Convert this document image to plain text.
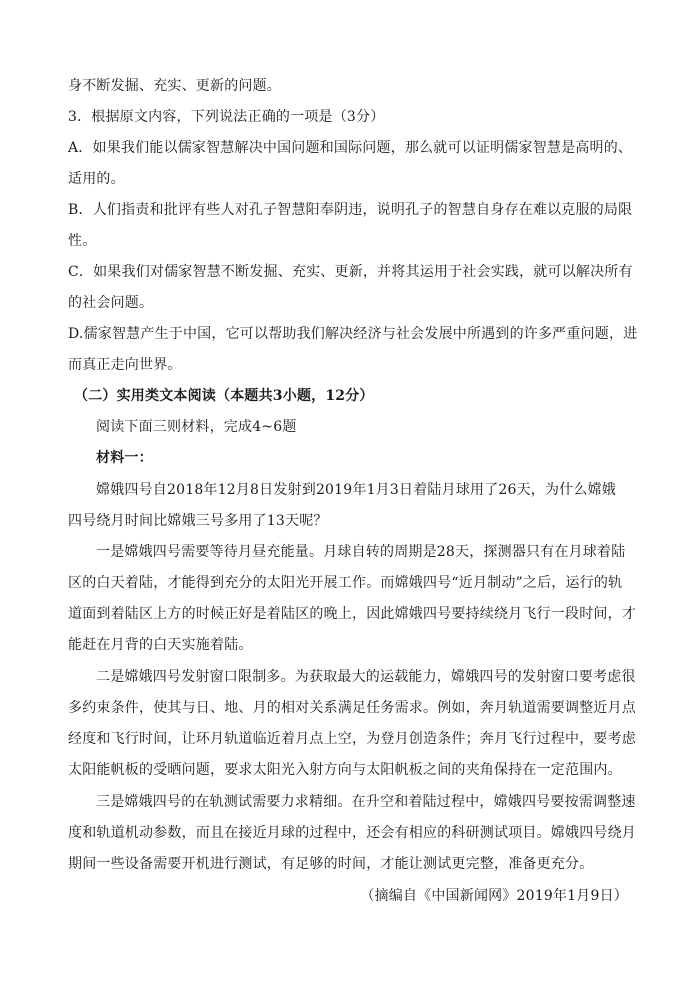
身不断发掘、充实、更新的问题。
3．根据原文内容，下列说法正确的一项是（3分）
A．如果我们能以儒家智慧解决中国问题和国际问题，那么就可以证明儒家智慧是高明的、
适用的。
B．人们指责和批评有些人对孔子智慧阳奉阴违，说明孔子的智慧自身存在难以克服的局限
性。
C．如果我们对儒家智慧不断发掘、充实、更新，并将其运用于社会实践，就可以解决所有
的社会问题。
D.儒家智慧产生于中国，它可以帮助我们解决经济与社会发展中所遇到的许多严重问题，进
而真正走向世界。
（二）实用类文本阅读（本题共3小题，12分）
阅读下面三则材料，完成4~6题
材料一：
嫦娥四号自2018年12月8日发射到2019年1月3日着陆月球用了26天，为什么嫦娥
四号绕月时间比嫦娥三号多用了13天呢？
一是嫦娥四号需要等待月昼充能量。月球自转的周期是28天，探测器只有在月球着陆
区的白天着陆，才能得到充分的太阳光开展工作。而嫦娥四号“近月制动”之后，运行的轨
道面到着陆区上方的时候正好是着陆区的晚上，因此嫦娥四号要持续绕月飞行一段时间，才
能赶在月背的白天实施着陆。
二是嫦娥四号发射窗口限制多。为获取最大的运载能力，嫦娥四号的发射窗口要考虑很
多约束条件，使其与日、地、月的相对关系满足任务需求。例如，奔月轨道需要调整近月点
经度和飞行时间，让环月轨道临近着月点上空，为登月创造条件；奔月飞行过程中，要考虑
太阳能帆板的受晒问题，要求太阳光入射方向与太阳帆板之间的夹角保持在一定范围内。
三是嫦娥四号的在轨测试需要力求精细。在升空和着陆过程中，嫦娥四号要按需调整速
度和轨道机动参数，而且在接近月球的过程中，还会有相应的科研测试项目。嫦娥四号绕月
期间一些设备需要开机进行测试，有足够的时间，才能让测试更完整，准备更充分。
（摘编自《中国新闻网》2019年1月9日）
